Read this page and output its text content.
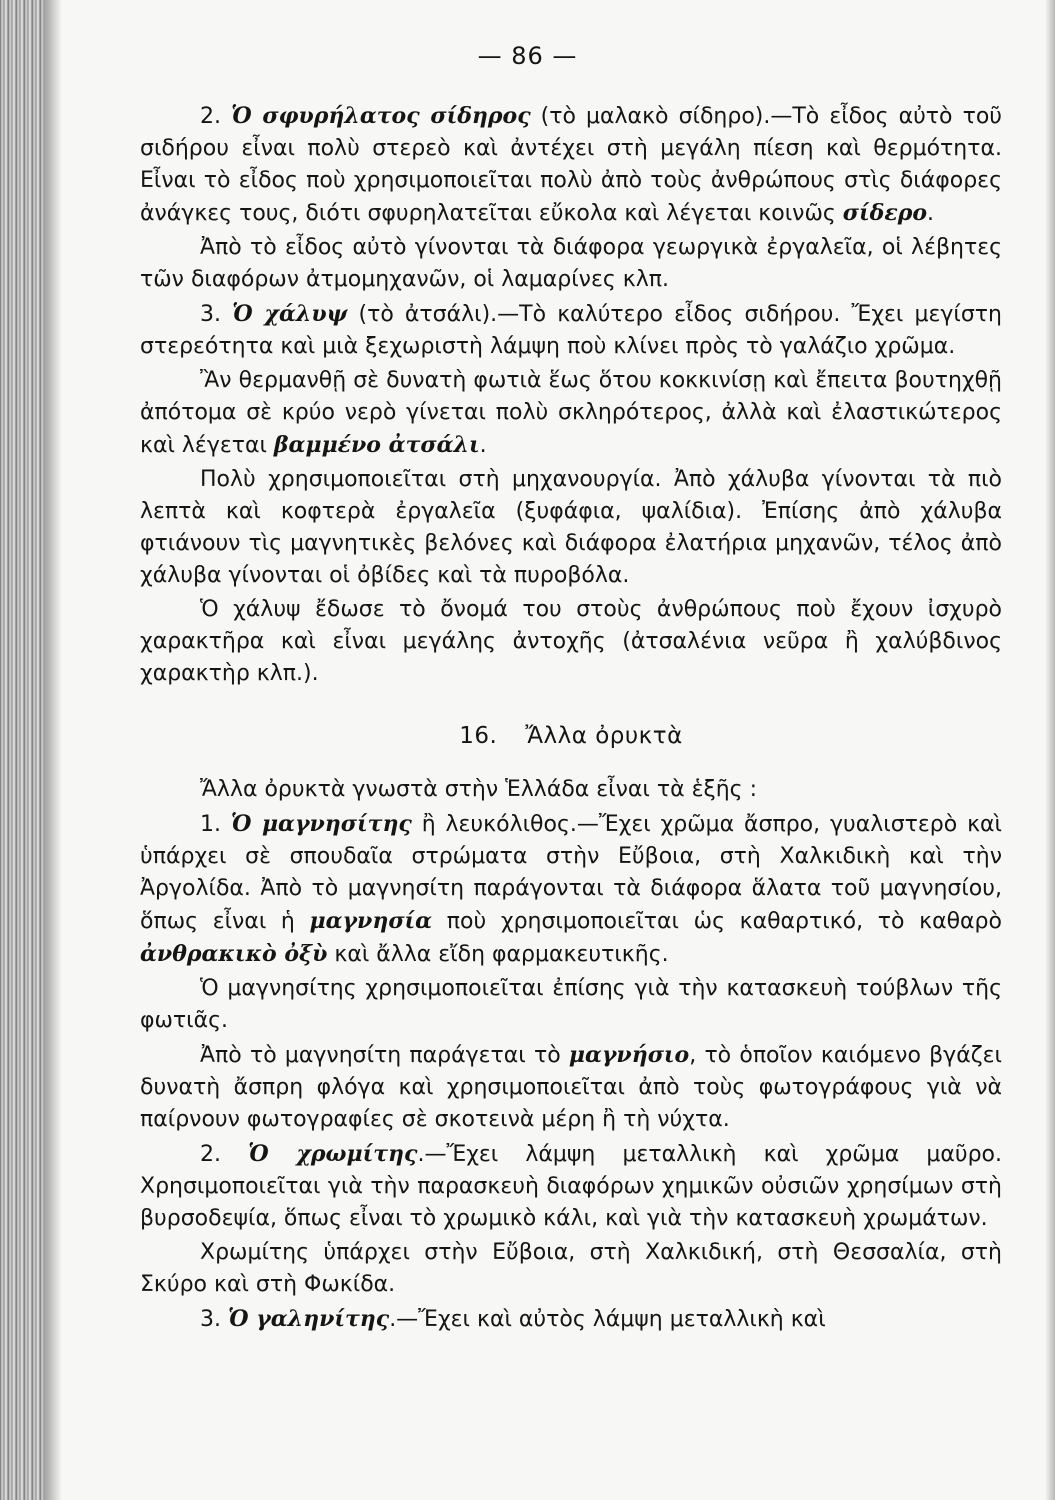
— 86 —

2. Ὁ σφυρήλατος σίδηρος (τὸ μαλακὸ σίδηρο).—Τὸ εἶδος αὐτὸ τοῦ σιδήρου εἶναι πολὺ στερεὸ καὶ ἀντέχει στὴ μεγάλη πίεση καὶ θερμότητα. Εἶναι τὸ εἶδος ποὺ χρησιμοποιεῖται πολὺ ἀπὸ τοὺς ἀνθρώπους στὶς διάφορες ἀνάγκες τους, διότι σφυρηλατεῖται εὔκολα καὶ λέγεται κοινῶς σίδερο.

Ἀπὸ τὸ εἶδος αὐτὸ γίνονται τὰ διάφορα γεωργικὰ ἐργαλεῖα, οἱ λέβητες τῶν διαφόρων ἀτμομηχανῶν, οἱ λαμαρίνες κλπ.

3. Ὁ χάλυψ (τὸ ἀτσάλι).—Τὸ καλύτερο εἶδος σιδήρου. Ἔχει μεγίστη στερεότητα καὶ μιὰ ξεχωριστὴ λάμψη ποὺ κλίνει πρὸς τὸ γαλάζιο χρῶμα.

Ἂν θερμανθῇ σὲ δυνατὴ φωτιὰ ἕως ὅτου κοκκινίσῃ καὶ ἔπειτα βουτηχθῇ ἀπότομα σὲ κρύο νερὸ γίνεται πολὺ σκληρότερος, ἀλλὰ καὶ ἐλαστικώτερος καὶ λέγεται βαμμένο ἀτσάλι.

Πολὺ χρησιμοποιεῖται στὴ μηχανουργία. Ἀπὸ χάλυβα γίνονται τὰ πιὸ λεπτὰ καὶ κοφτερὰ ἐργαλεῖα (ξυφάφια, ψαλίδια). Ἐπίσης ἀπὸ χάλυβα φτιάνουν τὶς μαγνητικὲς βελόνες καὶ διάφορα ἐλατήρια μηχανῶν, τέλος ἀπὸ χάλυβα γίνονται οἱ ὀβίδες καὶ τὰ πυροβόλα.

Ὁ χάλυψ ἔδωσε τὸ ὄνομά του στοὺς ἀνθρώπους ποὺ ἔχουν ἰσχυρὸ χαρακτῆρα καὶ εἶναι μεγάλης ἀντοχῆς (ἀτσαλένια νεῦρα ἢ χαλύβδινος χαρακτὴρ κλπ.).

16. Ἄλλα ὀρυκτὰ

Ἄλλα ὀρυκτὰ γνωστὰ στὴν Ἑλλάδα εἶναι τὰ ἑξῆς :

1. Ὁ μαγνησίτης ἢ λευκόλιθος.—Ἔχει χρῶμα ἄσπρο, γυαλιστερὸ καὶ ὑπάρχει σὲ σπουδαῖα στρώματα στὴν Εὔβοια, στὴ Χαλκιδικὴ καὶ τὴν Ἀργολίδα. Ἀπὸ τὸ μαγνησίτη παράγονται τὰ διάφορα ἅλατα τοῦ μαγνησίου, ὅπως εἶναι ἡ μαγνησία ποὺ χρησιμοποιεῖται ὡς καθαρτικό, τὸ καθαρὸ ἀνθρακικὸ ὀξὺ καὶ ἄλλα εἴδη φαρμακευτικῆς.

Ὁ μαγνησίτης χρησιμοποιεῖται ἐπίσης γιὰ τὴν κατασκευὴ τούβλων τῆς φωτιᾶς.

Ἀπὸ τὸ μαγνησίτη παράγεται τὸ μαγνήσιο, τὸ ὁποῖον καιόμενο βγάζει δυνατὴ ἄσπρη φλόγα καὶ χρησιμοποιεῖται ἀπὸ τοὺς φωτογράφους γιὰ νὰ παίρνουν φωτογραφίες σὲ σκοτεινὰ μέρη ἢ τὴ νύχτα.

2. Ὁ χρωμίτης.—Ἔχει λάμψη μεταλλικὴ καὶ χρῶμα μαῦρο. Χρησιμοποιεῖται γιὰ τὴν παρασκευὴ διαφόρων χημικῶν οὐσιῶν χρησίμων στὴ βυρσοδεψία, ὅπως εἶναι τὸ χρωμικὸ κάλι, καὶ γιὰ τὴν κατασκευὴ χρωμάτων.

Χρωμίτης ὑπάρχει στὴν Εὔβοια, στὴ Χαλκιδική, στὴ Θεσσαλία, στὴ Σκύρο καὶ στὴ Φωκίδα.

3. Ὁ γαληνίτης.—Ἔχει καὶ αὐτὸς λάμψη μεταλλικὴ καὶ
